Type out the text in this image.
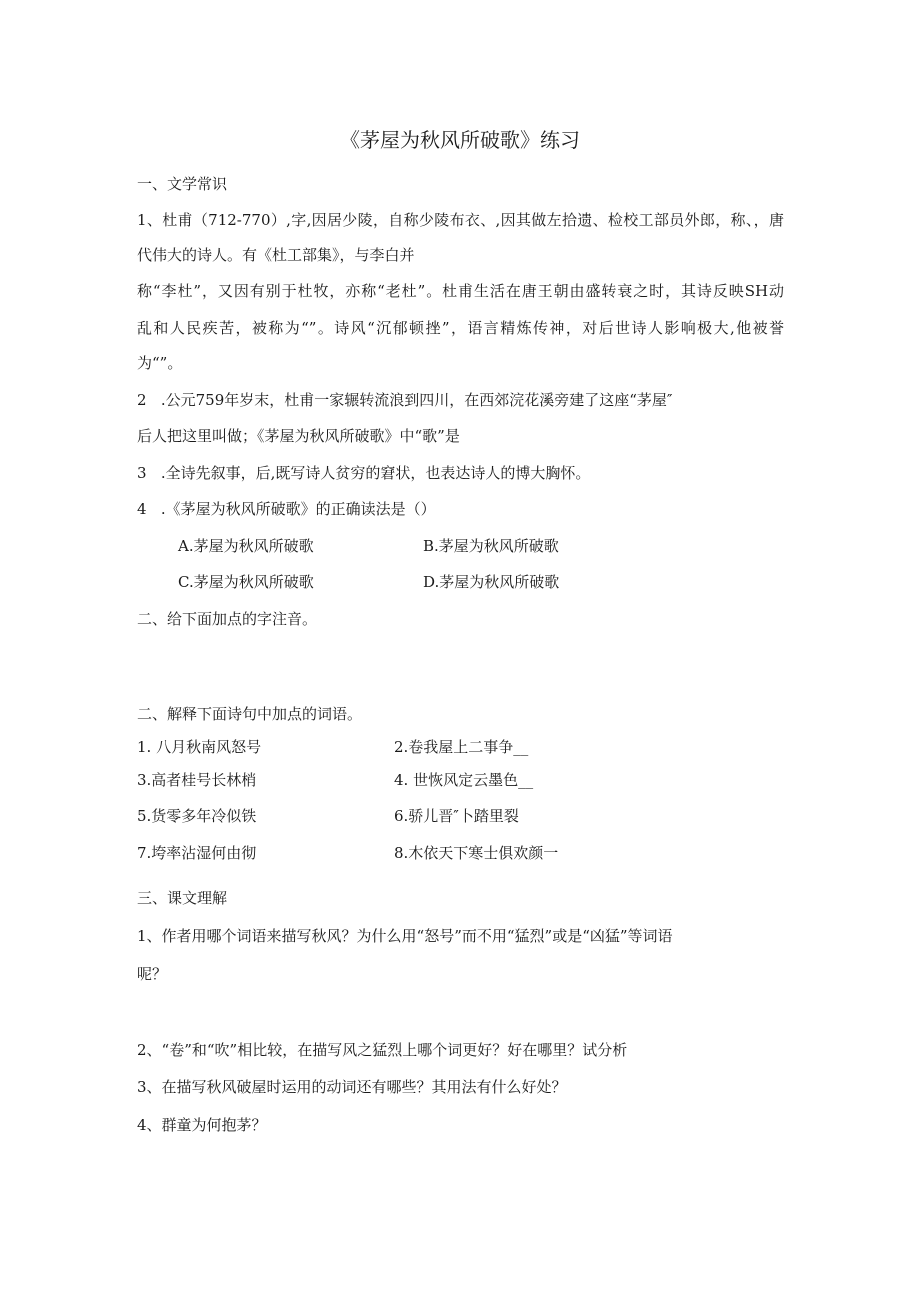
《茅屋为秋风所破歌》练习
一、文学常识
1、杜甫（712-770）,字,因居少陵，自称少陵布衣、,因其做左拾遗、检校工部员外郎，称、，唐
代伟大的诗人。有《杜工部集》，与李白并
称“李杜”，又因有别于杜牧，亦称“老杜”。杜甫生活在唐王朝由盛转衰之时，其诗反映SH动
乱和人民疾苦，被称为“”。诗风“沉郁顿挫”，语言精炼传神，对后世诗人影响极大,他被誉
为“”。
2   .公元759年岁末，杜甫一家辗转流浪到四川，在西郊浣花溪旁建了这座“茅屋″
后人把这里叫做；《茅屋为秋风所破歌》中“歌”是
3   .全诗先叙事，后,既写诗人贫穷的窘状，也表达诗人的博大胸怀。
4   .《茅屋为秋风所破歌》的正确读法是（）
A.茅屋为秋风所破歌	B.茅屋为秋风所破歌
C.茅屋为秋风所破歌	D.茅屋为秋风所破歌
二、给下面加点的字注音。
二、解释下面诗句中加点的词语。
1. 八月秋南风怒号	2.卷我屋上二事争__
3.高者桂号长林梢	4. 世恢风定云墨色__
5.货零多年冷似铁	6.骄儿晋″卜踏里裂
7.垮率沾湿何由彻	8.木依天下寒士俱欢颜一
三、课文理解
1、作者用哪个词语来描写秋风？为什么用“怒号”而不用“猛烈”或是“凶猛”等词语
呢？
2、“卷”和“吹”相比较，在描写风之猛烈上哪个词更好？好在哪里？试分析
3、在描写秋风破屋时运用的动词还有哪些？其用法有什么好处？
4、群童为何抱茅？
